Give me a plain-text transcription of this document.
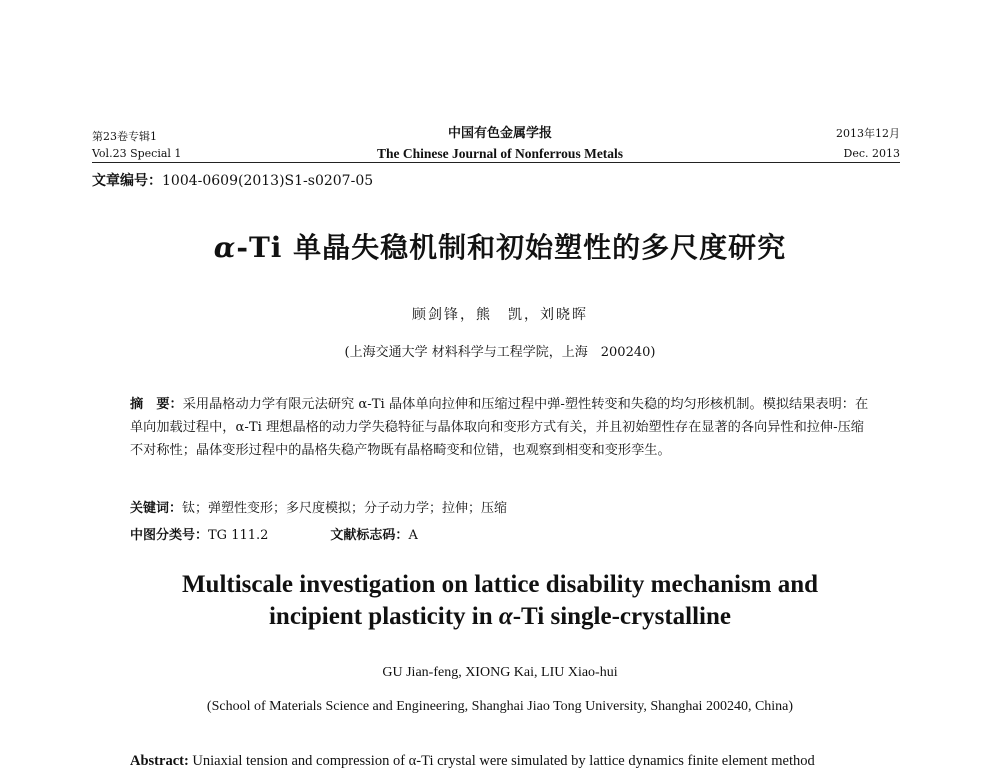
第23卷专辑1
Vol.23 Special 1
中国有色金属学报
The Chinese Journal of Nonferrous Metals
2013年12月
Dec. 2013
文章编号：1004-0609(2013)S1-s0207-05
α-Ti 单晶失稳机制和初始塑性的多尺度研究
顾剑锋，熊　凯，刘晓晖
(上海交通大学 材料科学与工程学院，上海　200240)
摘　要：采用晶格动力学有限元法研究 α-Ti 晶体单向拉伸和压缩过程中弹-塑性转变和失稳的均匀形核机制。模拟结果表明：在单向加载过程中，α-Ti 理想晶格的动力学失稳特征与晶体取向和变形方式有关，并且初始塑性存在显著的各向异性和拉伸-压缩不对称性；晶体变形过程中的晶格失稳产物既有晶格畸变和位错，也观察到相变和变形孪生。
关键词：钛；弹塑性变形；多尺度模拟；分子动力学；拉伸；压缩
中图分类号：TG 111.2	文献标志码：A
Multiscale investigation on lattice disability mechanism and
incipient plasticity in α-Ti single-crystalline
GU Jian-feng, XIONG Kai, LIU Xiao-hui
(School of Materials Science and Engineering, Shanghai Jiao Tong University, Shanghai 200240, China)
Abstract: Uniaxial tension and compression of α-Ti crystal were simulated by lattice dynamics finite element method
